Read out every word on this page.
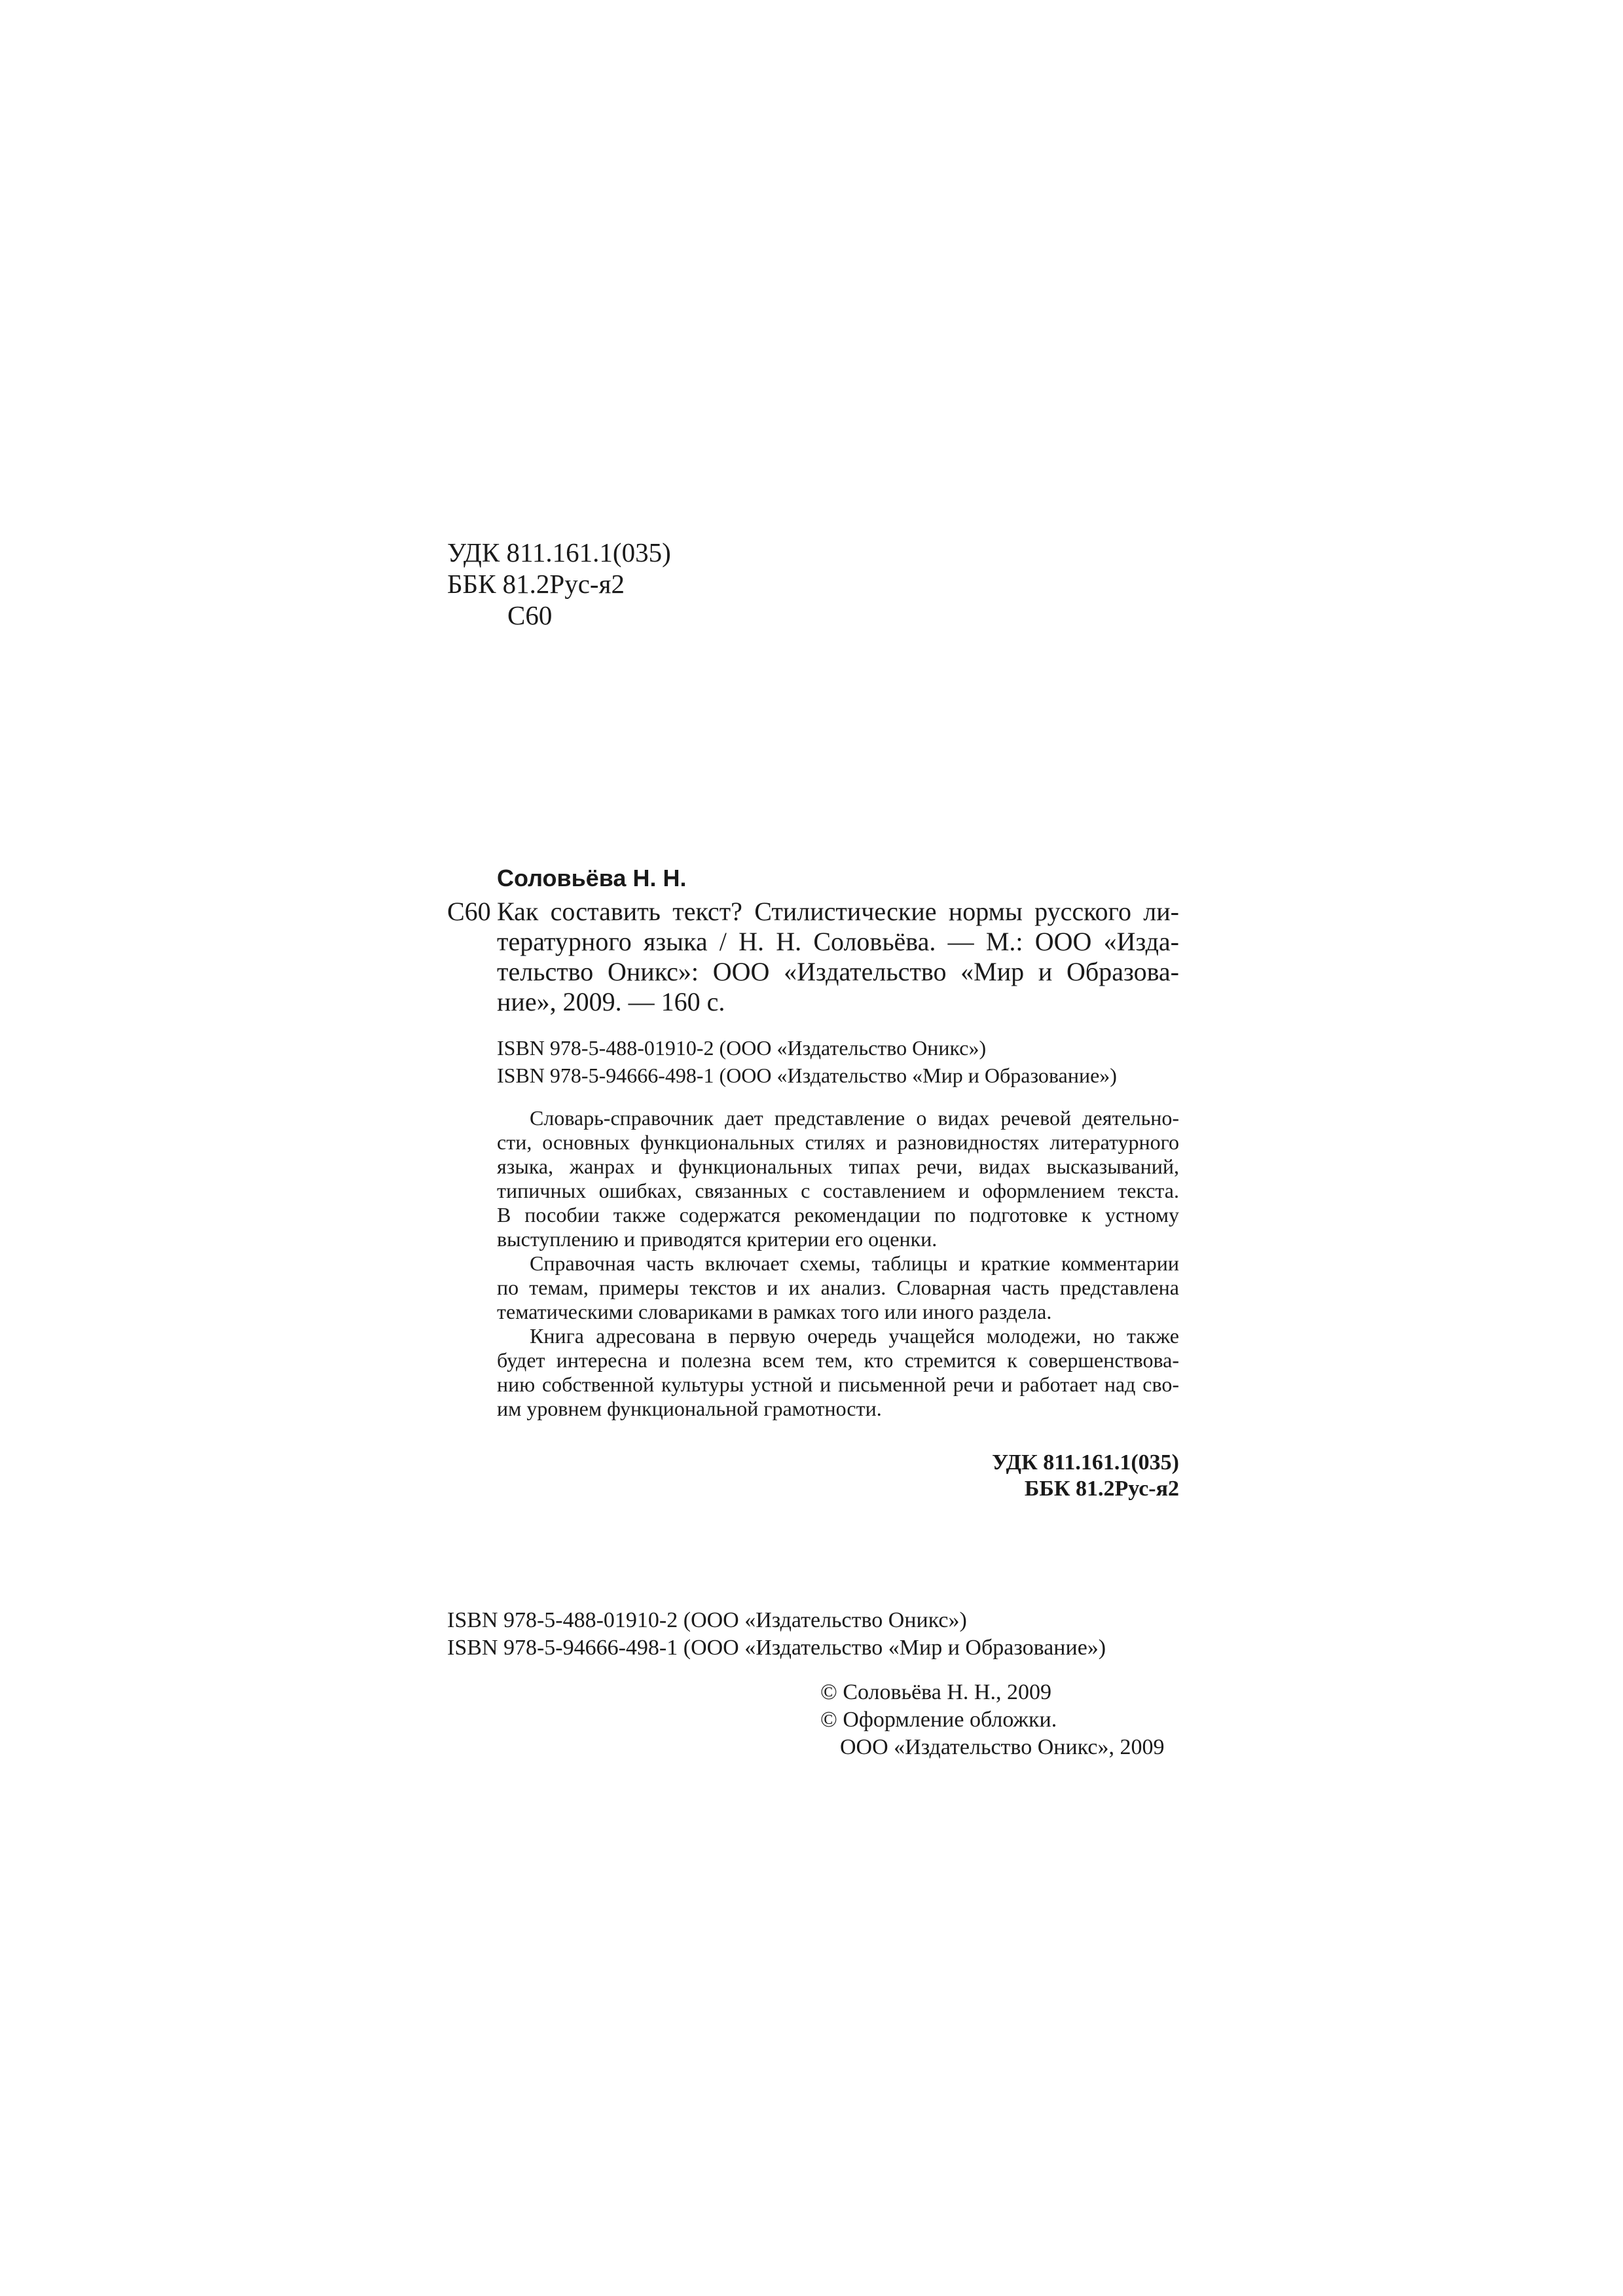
УДК 811.161.1(035)
ББК 81.2Рус-я2
С60
Соловьёва Н. Н.
С60 Как составить текст? Стилистические нормы русского ли-
тературного языка / Н. Н. Соловьёва. — М.: ООО «Изда-
тельство Оникс»: ООО «Издательство «Мир и Образова-
ние», 2009. — 160 с.
ISBN 978-5-488-01910-2 (ООО «Издательство Оникс»)
ISBN 978-5-94666-498-1 (ООО «Издательство «Мир и Образование»)

Словарь-справочник дает представление о видах речевой деятельно-
сти, основных функциональных стилях и разновидностях литературного
языка, жанрах и функциональных типах речи, видах высказываний,
типичных ошибках, связанных с составлением и оформлением текста.
В пособии также содержатся рекомендации по подготовке к устному
выступлению и приводятся критерии его оценки.

Справочная часть включает схемы, таблицы и краткие комментарии
по темам, примеры текстов и их анализ. Словарная часть представлена
тематическими словариками в рамках того или иного раздела.

Книга адресована в первую очередь учащейся молодежи, но также
будет интересна и полезна всем тем, кто стремится к совершенствова-
нию собственной культуры устной и письменной речи и работает над сво-
им уровнем функциональной грамотности.

УДК 811.161.1(035)
ББК 81.2Рус-я2
ISBN 978-5-488-01910-2 (ООО «Издательство Оникс»)
ISBN 978-5-94666-498-1 (ООО «Издательство «Мир и Образование»)
© Соловьёва Н. Н., 2009
© Оформление обложки.
ООО «Издательство Оникс», 2009
